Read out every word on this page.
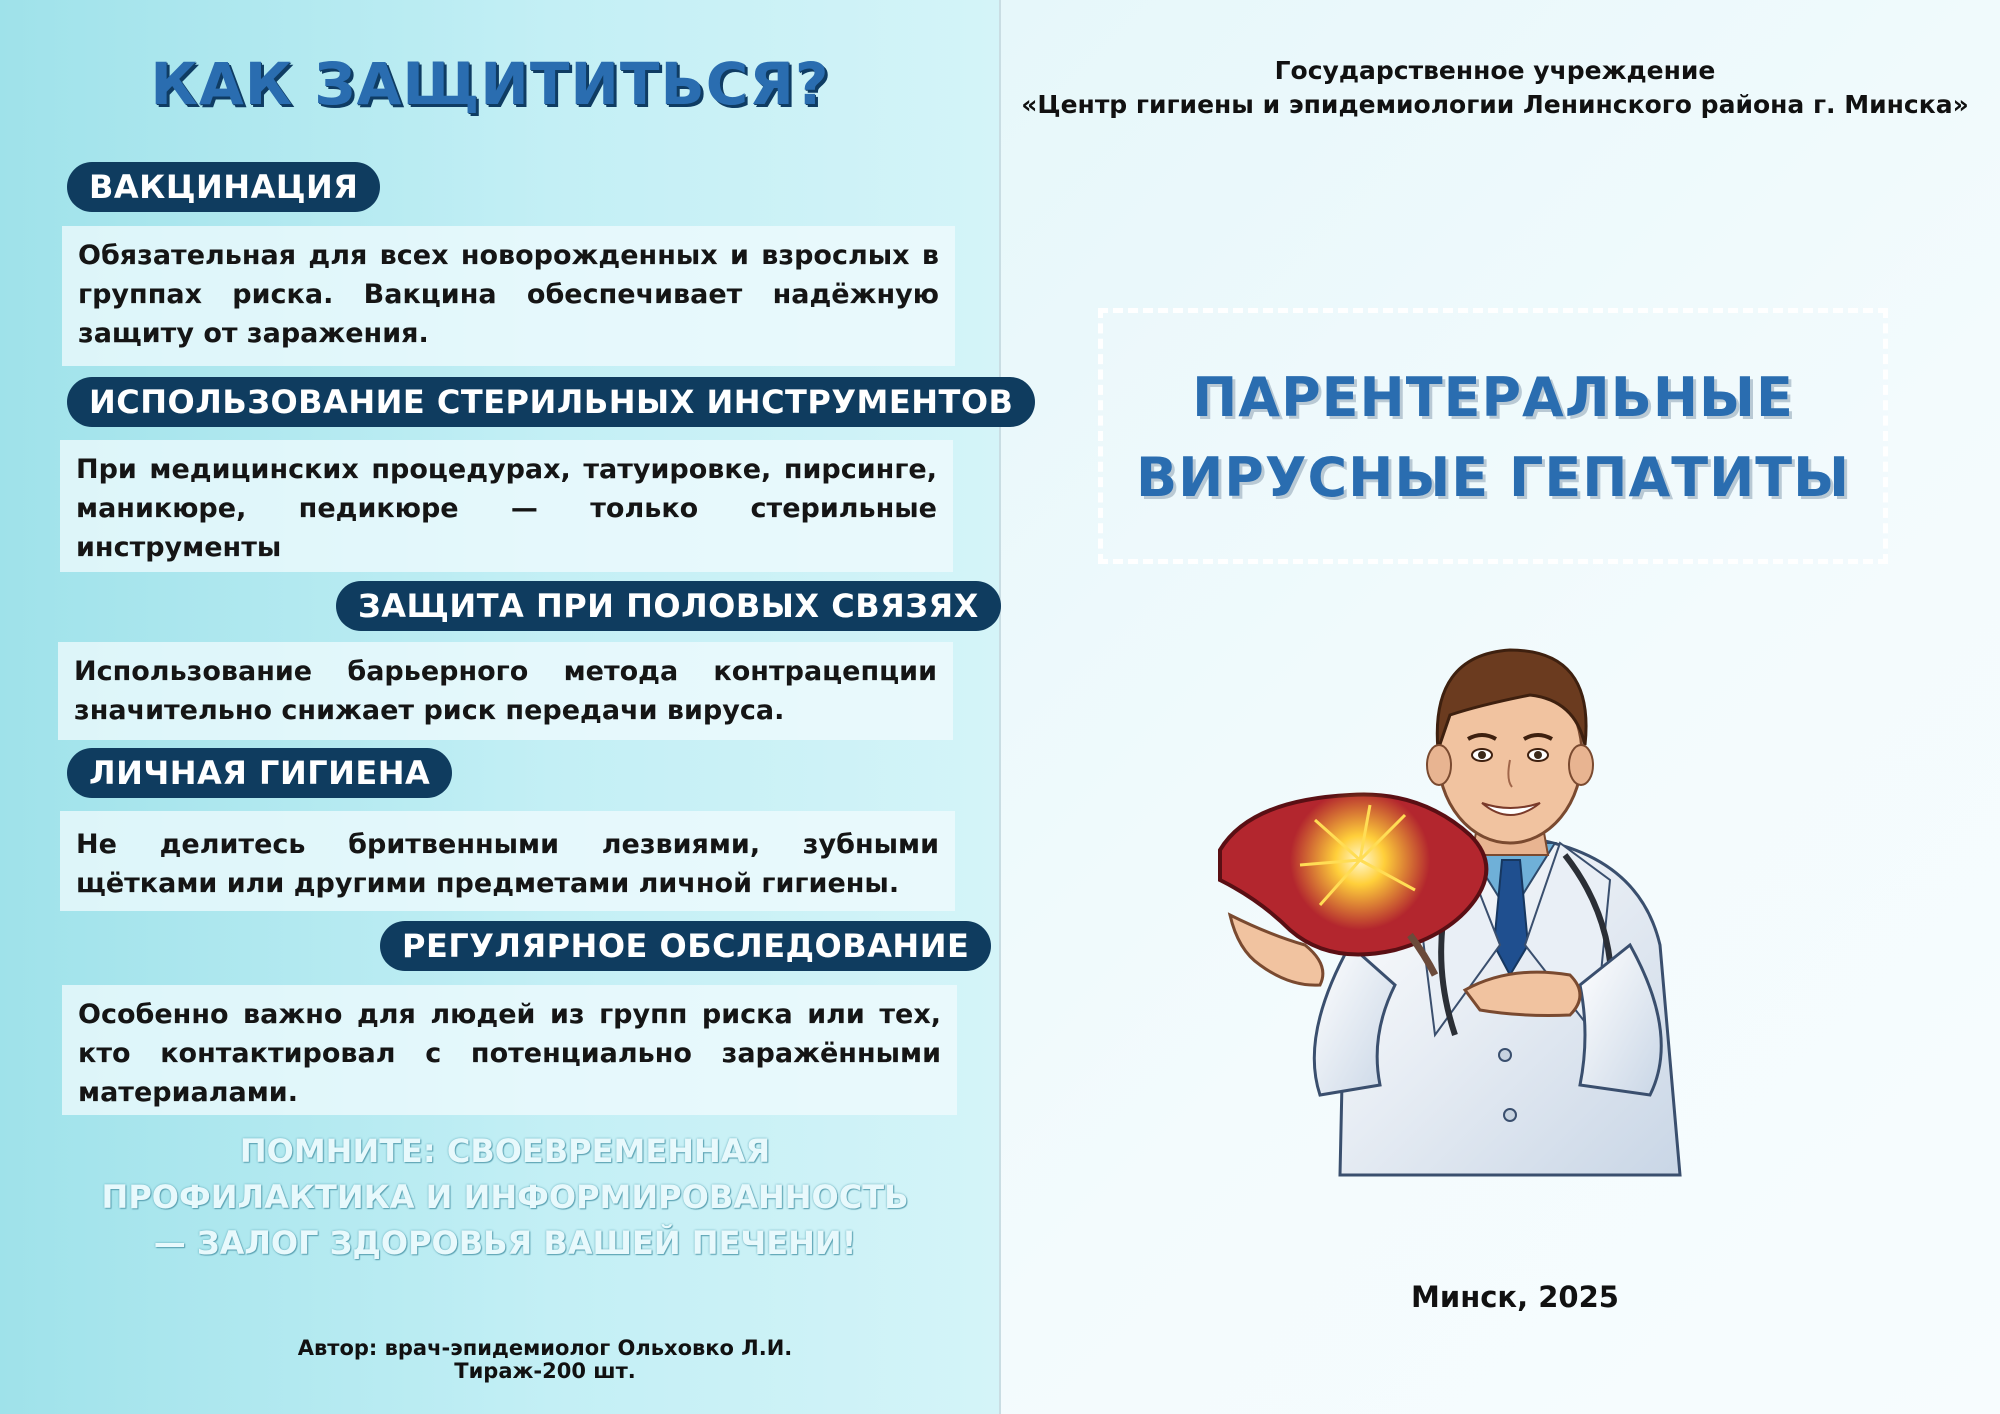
КАК ЗАЩИТИТЬСЯ?
ВАКЦИНАЦИЯ
Обязательная для всех новорожденных и взрослых в группах риска. Вакцина обеспечивает надёжную защиту от заражения.
ИСПОЛЬЗОВАНИЕ СТЕРИЛЬНЫХ ИНСТРУМЕНТОВ
При медицинских процедурах, татуировке, пирсинге, маникюре, педикюре — только стерильные инструменты
ЗАЩИТА ПРИ ПОЛОВЫХ СВЯЗЯХ
Использование барьерного метода контрацепции значительно снижает риск передачи вируса.
ЛИЧНАЯ ГИГИЕНА
Не делитесь бритвенными лезвиями, зубными щётками или другими предметами личной гигиены.
РЕГУЛЯРНОЕ ОБСЛЕДОВАНИЕ
Особенно важно для людей из групп риска или тех, кто контактировал с потенциально заражёнными материалами.

ПОМНИТЕ: СВОЕВРЕМЕННАЯ ПРОФИЛАКТИКА И ИНФОРМИРОВАННОСТЬ — ЗАЛОГ ЗДОРОВЬЯ ВАШЕЙ ПЕЧЕНИ!

Автор: врач-эпидемиолог Ольховко Л.И.
Тираж-200 шт.
Государственное учреждение
«Центр гигиены и эпидемиологии Ленинского района г. Минска»
ПАРЕНТЕРАЛЬНЫЕ
ВИРУСНЫЕ ГЕПАТИТЫ
Минск, 2025
